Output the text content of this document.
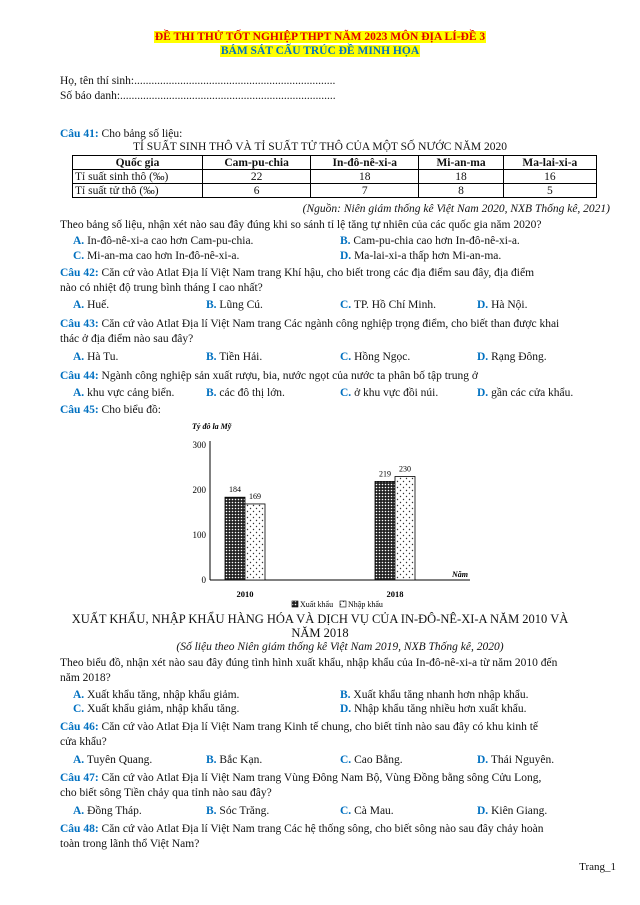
ĐỀ THI THỬ TỐT NGHIỆP THPT NĂM 2023 MÔN ĐỊA LÍ-ĐỀ 3
BÁM SÁT CẤU TRÚC ĐỀ MINH HỌA
Họ, tên thí sinh:......................................................................
Số báo danh:...........................................................................
Câu 41: Cho bảng số liệu:
TỈ SUẤT SINH THÔ VÀ TỈ SUẤT TỬ THÔ CỦA MỘT SỐ NƯỚC NĂM 2020
Quốc gia	Cam-pu-chia	In-đô-nê-xi-a	Mi-an-ma	Ma-lai-xi-a
Tỉ suất sinh thô (‰)	22	18	18	16
Tỉ suất tử thô (‰)	6	7	8	5
(Nguồn: Niên giám thống kê Việt Nam 2020, NXB Thống kê, 2021)
Theo bảng số liệu, nhận xét nào sau đây đúng khi so sánh tỉ lệ tăng tự nhiên của các quốc gia năm 2020?
A. In-đô-nê-xi-a cao hơn Cam-pu-chia.	B. Cam-pu-chia cao hơn In-đô-nê-xi-a.
C. Mi-an-ma cao hơn In-đô-nê-xi-a.	D. Ma-lai-xi-a thấp hơn Mi-an-ma.
Câu 42: Căn cứ vào Atlat Địa lí Việt Nam trang Khí hậu, cho biết trong các địa điểm sau đây, địa điểm
nào có nhiệt độ trung bình tháng I cao nhất?
A. Huế.	B. Lũng Cú.	C. TP. Hồ Chí Minh.	D. Hà Nội.
Câu 43: Căn cứ vào Atlat Địa lí Việt Nam trang Các ngành công nghiệp trọng điểm, cho biết than được khai
thác ở địa điểm nào sau đây?
A. Hà Tu.	B. Tiền Hải.	C. Hồng Ngọc.	D. Rạng Đông.
Câu 44: Ngành công nghiệp sản xuất rượu, bia, nước ngọt của nước ta phân bố tập trung ở
A. khu vực cảng biển.	B. các đô thị lớn.	C. ở khu vực đồi núi.	D. gần các cửa khẩu.
Câu 45: Cho biểu đồ:
Tỷ đô la Mỹ
0
100
200
300
184
169
219
230
2010	2018
Năm
Xuất khẩu Nhập khẩu
XUẤT KHẨU, NHẬP KHẨU HÀNG HÓA VÀ DỊCH VỤ CỦA IN-ĐÔ-NÊ-XI-A NĂM 2010 VÀ
NĂM 2018
(Số liệu theo Niên giám thống kê Việt Nam 2019, NXB Thống kê, 2020)
Theo biểu đồ, nhận xét nào sau đây đúng tình hình xuất khẩu, nhập khẩu của In-đô-nê-xi-a từ năm 2010 đến
năm 2018?
A. Xuất khẩu tăng, nhập khẩu giảm.	B. Xuất khẩu tăng nhanh hơn nhập khẩu.
C. Xuất khẩu giảm, nhập khẩu tăng.	D. Nhập khẩu tăng nhiều hơn xuất khẩu.
Câu 46: Căn cứ vào Atlat Địa lí Việt Nam trang Kinh tế chung, cho biết tỉnh nào sau đây có khu kinh tế
cửa khẩu?
A. Tuyên Quang.	B. Bắc Kạn.	C. Cao Bằng.	D. Thái Nguyên.
Câu 47: Căn cứ vào Atlat Địa lí Việt Nam trang Vùng Đông Nam Bộ, Vùng Đồng bằng sông Cửu Long,
cho biết sông Tiền chảy qua tỉnh nào sau đây?
A. Đồng Tháp.	B. Sóc Trăng.	C. Cà Mau.	D. Kiên Giang.
Câu 48: Căn cứ vào Atlat Địa lí Việt Nam trang Các hệ thống sông, cho biết sông nào sau đây chảy hoàn
toàn trong lãnh thổ Việt Nam?
Trang_1
